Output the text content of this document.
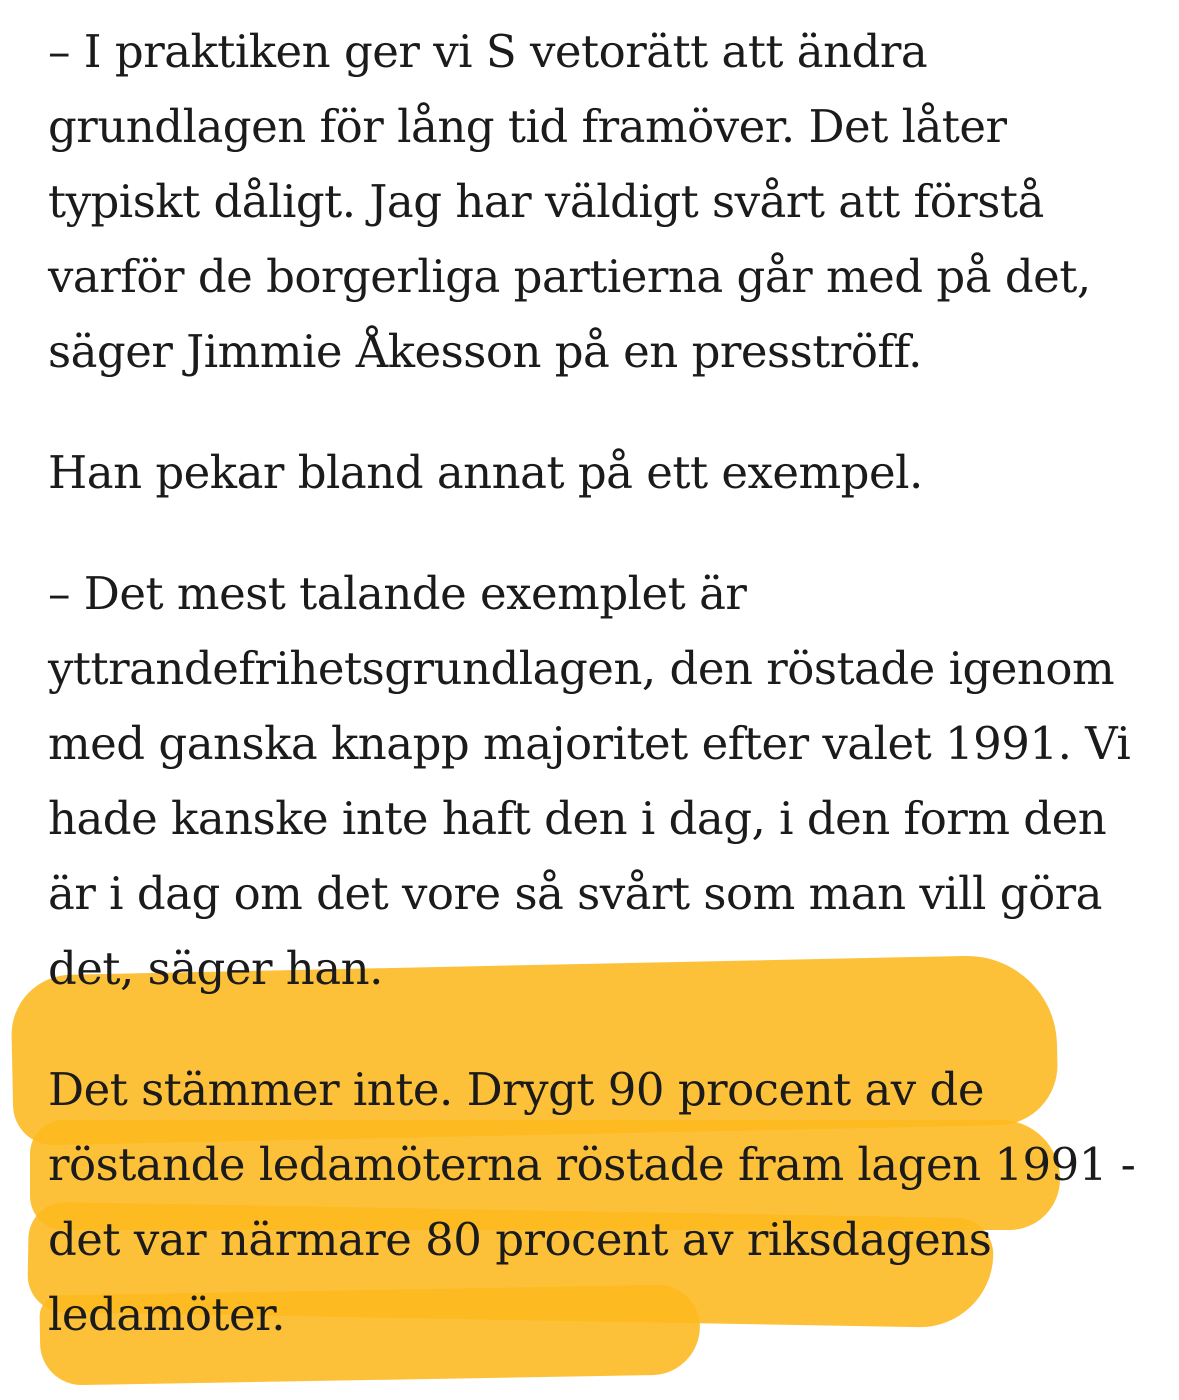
– I praktiken ger vi S vetorätt att ändra grundlagen för lång tid framöver. Det låter typiskt dåligt. Jag har väldigt svårt att förstå varför de borgerliga partierna går med på det, säger Jimmie Åkesson på en presströff.

Han pekar bland annat på ett exempel.

– Det mest talande exemplet är yttrandefrihetsgrundlagen, den röstade igenom med ganska knapp majoritet efter valet 1991. Vi hade kanske inte haft den i dag, i den form den är i dag om det vore så svårt som man vill göra det, säger han.

Det stämmer inte. Drygt 90 procent av de röstande ledamöterna röstade fram lagen 1991 - det var närmare 80 procent av riksdagens ledamöter.
